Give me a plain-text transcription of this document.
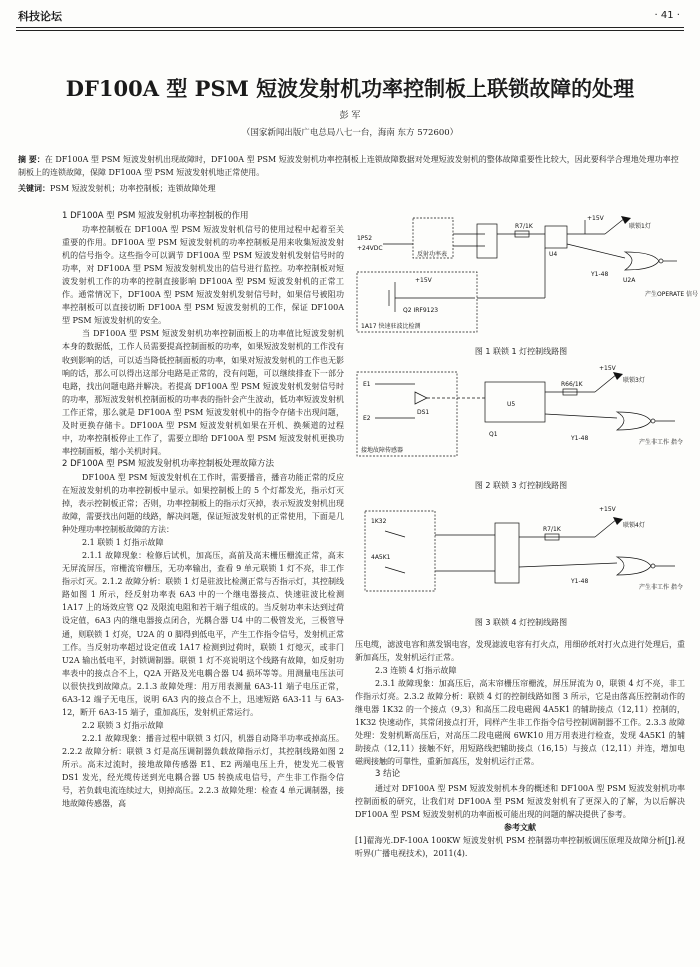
科技论坛	· 41 ·
DF100A 型 PSM 短波发射机功率控制板上联锁故障的处理
彭 军
（国家新闻出版广电总局八七一台，海南 东方 572600）
摘 要：在 DF100A 型 PSM 短波发射机出现故障时，DF100A 型 PSM 短波发射机功率控制板上连锁故障数据对处理短波发射机的整体故障重要性比较大，因此要科学合理地处理功率控制板上的连锁故障，保障 DF100A 型 PSM 短波发射机地正常使用。
关键词：PSM 短波发射机；功率控制板；连锁故障处理

1 DF100A 型 PSM 短波发射机功率控制板的作用

功率控制板在 DF100A 型 PSM 短波发射机信号的使用过程中起着至关重要的作用。DF100A 型 PSM 短波发射机的功率控制板是用来收集短波发射机的信号指令。这些指令可以调节 DF100A 型 PSM 短波发射机发射信号时的功率，对 DF100A 型 PSM 短波发射机发出的信号进行监控。功率控制板对短波发射机工作的功率的控制直接影响 DF100A 型 PSM 短波发射机的正常工作。通常情况下，DF100A 型 PSM 短波发射机发射信号时，如果信号被阻功率控制板可以直接切断 DF100A 型 PSM 短波发射机的工作，保证 DF100A 型 PSM 短波发射机的安全。

当 DF100A 型 PSM 短波发射机功率控制面板上的功率值比短波发射机本身的数据低，工作人员需要提高控制面板的功率，如果短波发射机的工作没有收到影响的话，可以适当降低控制面板的功率，如果对短波发射机的工作也无影响的话，那么可以得出这部分电路是正常的，没有问题，可以继续排查下一部分电路，找出问题电路并解决。若提高 DF100A 型 PSM 短波发射机发射信号时的功率，那短波发射机控制面板的功率表的指针会产生波动，低功率短波发射机工作正常，那么就是 DF100A 型 PSM 短波发射机中的指令存储卡出现问题，及时更换存储卡。DF100A 型 PSM 短波发射机如果在开机、换频道的过程中，功率控制板停止工作了，需要立即给 DF100A 型 PSM 短波发射机更换功率控制面板，缩小关机时间。

2 DF100A 型 PSM 短波发射机功率控制板处理故障方法

DF100A 型 PSM 短波发射机在工作时，需要播音，播音功能正常的反应在短波发射机的功率控制板中显示。如果控制板上的 5 个灯都发光，指示灯灭掉，表示控制板正常；否则，功率控制板上的指示灯灭掉，表示短波发射机出现故障，需要找出问题的线路，解决问题，保证短波发射机的正常使用，下面是几种处理功率控制板故障的方法：

2.1 联锁 1 灯指示故障

2.1.1 故障现象：检修后试机，加高压，高前及高末栅压栅流正常，高末无屏流屏压，帘栅流帘栅压，无功率输出，查看 9 单元联锁 1 灯不亮，非工作指示灯灭。2.1.2 故障分析：联锁 1 灯是驻波比检测正常与否指示灯，其控制线路如图 1 所示，经反射功率表 6A3 中的一个继电器接点、快速驻波比检测 1A17 上的场效应管 Q2 及限流电阻和若干端子组成的。当反射功率未达到过荷设定值，6A3 内的继电器接点闭合，光耦合器 U4 中的二极管发光，三极管导通，则联锁 1 灯亮，U2A 的 0 脚得到低电平，产生工作指令信号，发射机正常工作。当反射功率超过设定值或 1A17 检测到过荷时，联锁 1 灯熄灭，或非门 U2A 输出低电平，封锁调制器。联锁 1 灯不亮说明这个线路有故障，如反射功率表中的接点合不上，Q2A 开路及光电耦合器 U4 损坏等等。用测量电压法可以很快找到故障点。2.1.3 故障处理：用万用表测量 6A3-11 端子电压正常，6A3-12 端子无电压，说明 6A3 内的接点合不上，迅速短路 6A3-11 与 6A3-12，断开 6A3-15 端子，重加高压，发射机正常运行。

2.2 联锁 3 灯指示故障

2.2.1 故障现象：播音过程中联锁 3 灯闪，机器自动降半功率或掉高压。2.2.2 故障分析：联锁 3 灯是高压调制器负载故障指示灯，其控制线路如图 2 所示。高末过流时，接地故障传感器 E1、E2 两端电压上升，使发光二极管 DS1 发光，经光缆传送到光电耦合器 U5 转换成电信号，产生非工作指令信号，若负载电流连续过大，则掉高压。2.2.3 故障处理：检查 4 单元调制器，接地故障传感器，高

反射功率表
1P52
+24VDC
R7/1K
U4
+15V
联锁1灯
U2A
产生OPERATE 信号
Y1-48
1A17 快速驻波比检测
Q2 IRF9123
+15V
图 1 联锁 1 灯控制线路图
接地故障传感器
E1
E2
DS1
U5
R66/1K
联锁3灯
+15V
Y1-48
产生非工作 指令
Q1
图 2 联锁 3 灯控制线路图
1K32
4A5K1
R7/1K
联锁4灯
+15V
Y1-48
产生非工作 指令
图 3 联锁 4 灯控制线路图

压电缆，滤波电容和蒸发锅电容，发现滤波电容有打火点，用细砂纸对打火点进行处理后，重新加高压，发射机运行正常。

2.3 连锁 4 灯指示故障

2.3.1 故障现象：加高压后，高末帘栅压帘栅流，屏压屏流为 0，联锁 4 灯不亮，非工作指示灯亮。2.3.2 故障分析：联锁 4 灯的控制线路如图 3 所示，它是由落高压控制动作的继电器 1K32 的一个接点（9,3）和高压二段电磁阀 4A5K1 的辅助接点（12,11）控制的，1K32 快速动作，其常闭接点打开，同样产生非工作指令信号控制调制器不工作。2.3.3 故障处理：发射机断高压后，对高压二段电磁阀 6WK10 用万用表进行检查，发现 4A5K1 的辅助接点（12,11）接触不好，用短路线把辅助接点（16,15）与接点（12,11）并连，增加电磁阀接触的可靠性，重新加高压，发射机运行正常。

3 结论

通过对 DF100A 型 PSM 短波发射机本身的概述和 DF100A 型 PSM 短波发射机功率控制面板的研究，让我们对 DF100A 型 PSM 短波发射机有了更深入的了解，为以后解决 DF100A 型 PSM 短波发射机的功率面板可能出现的问题的解决提供了参考。

参考文献

[1]翟海光.DF-100A 100KW 短波发射机 PSM 控制器功率控制板调压原理及故障分析[J].视听界(广播电视技术)，2011(4).
